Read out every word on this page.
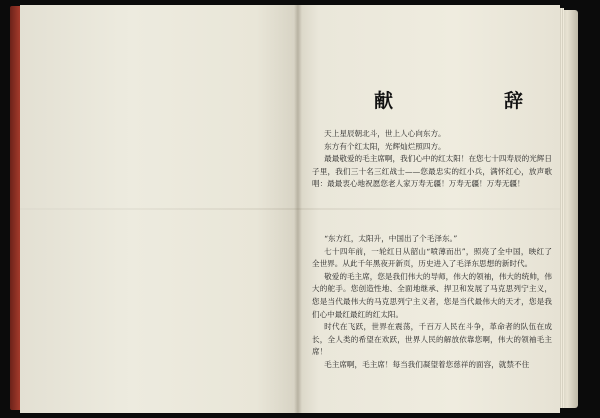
献　辞

天上星辰朝北斗，世上人心向东方。

东方有个红太阳，光辉灿烂照四方。

最最敬爱的毛主席啊，我们心中的红太阳！在您七十四寿辰的光辉日子里，我们三十名三红战士——您最忠实的红小兵，满怀红心，放声歌唱：最最衷心地祝愿您老人家万寿无疆！万寿无疆！万寿无疆！

“东方红，太阳升，中国出了个毛泽东。”

七十四年前，一轮红日从韶山“喷薄而出”，照亮了全中国，映红了全世界。从此千年黑夜开新页，历史进入了毛泽东思想的新时代。

敬爱的毛主席，您是我们伟大的导师，伟大的领袖，伟大的统帅，伟大的舵手。您创造性地、全面地继承、捍卫和发展了马克思列宁主义，您是当代最伟大的马克思列宁主义者，您是当代最伟大的天才，您是我们心中最红最红的红太阳。

时代在飞跃，世界在震荡，千百万人民在斗争，革命者的队伍在成长，全人类的希望在欢跃，世界人民的解放依靠您啊，伟大的领袖毛主席！

毛主席啊，毛主席！每当我们凝望着您慈祥的面容，就禁不住
